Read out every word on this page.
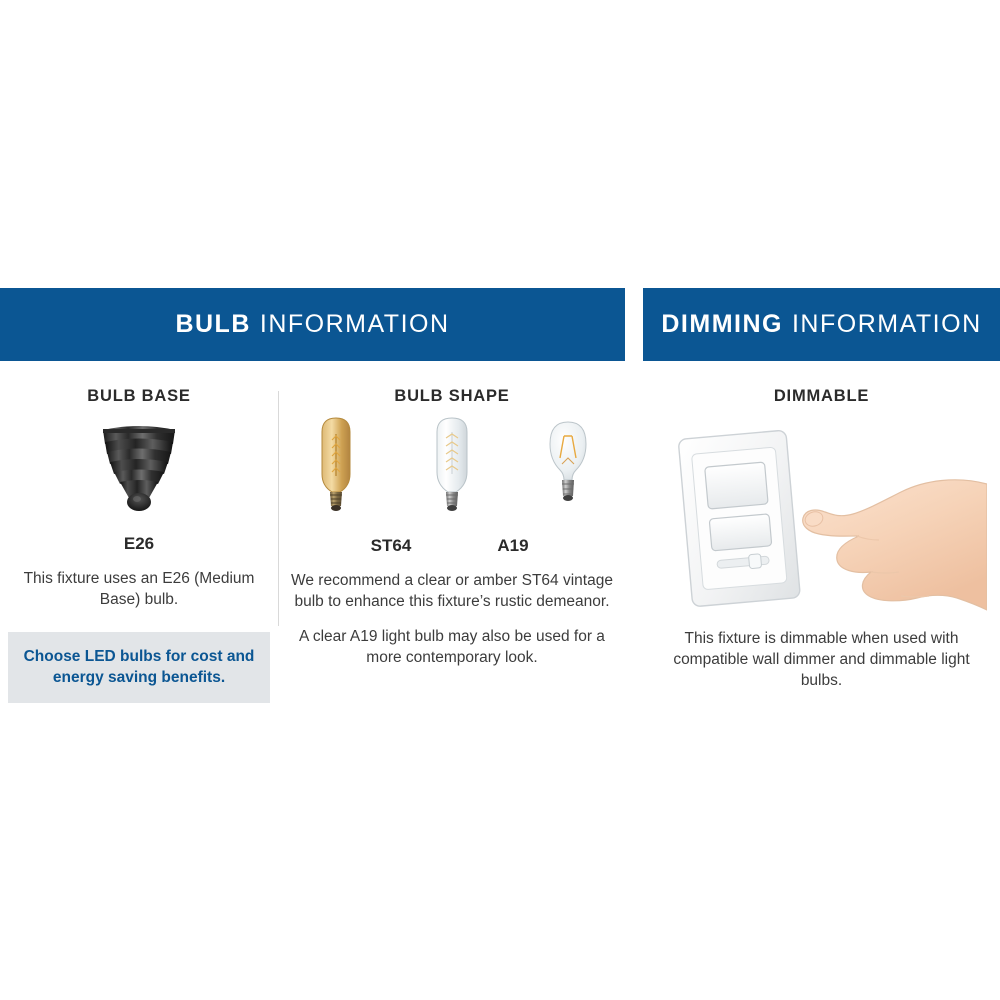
BULB INFORMATION
BULB BASE
E26
This fixture uses an E26 (Medium Base) bulb.
Choose LED bulbs for cost and energy saving benefits.
BULB SHAPE
ST64	A19
We recommend a clear or amber ST64 vintage bulb to enhance this fixture’s rustic demeanor.
A clear A19 light bulb may also be used for a more contemporary look.
DIMMING INFORMATION
DIMMABLE
This fixture is dimmable when used with compatible wall dimmer and dimmable light bulbs.
